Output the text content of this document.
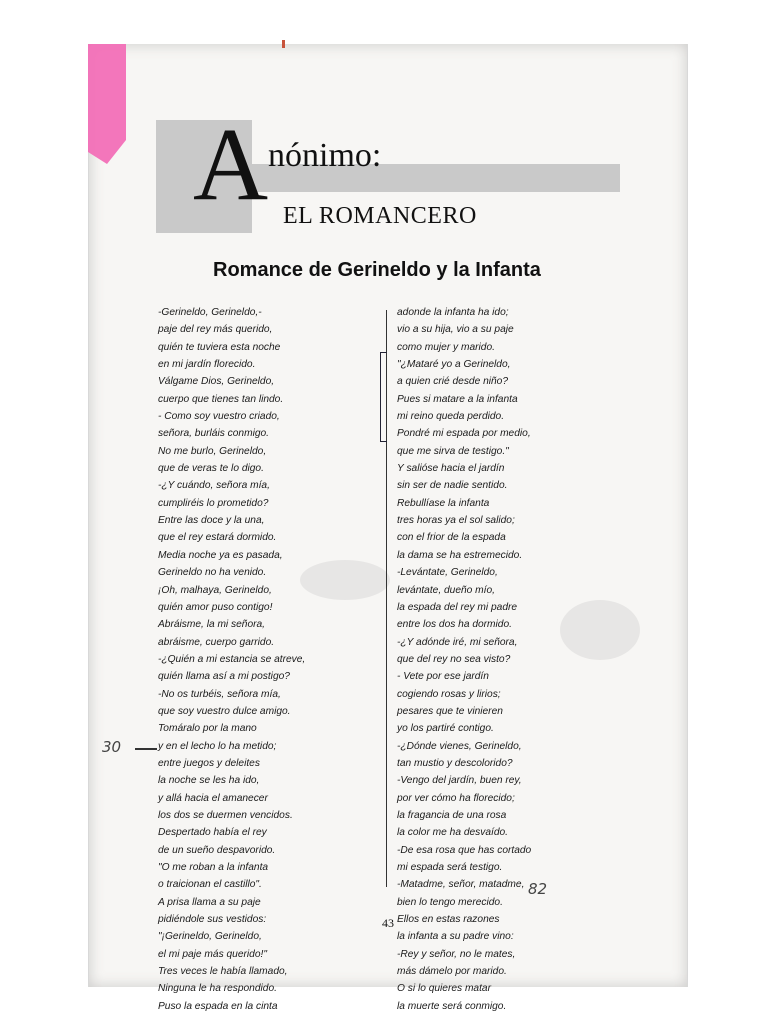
A nónimo:
EL ROMANCERO
Romance de Gerineldo y la Infanta
-Gerineldo, Gerineldo,-
paje del rey más querido,
quién te tuviera esta noche
en mi jardín florecido.
Válgame Dios, Gerineldo,
cuerpo que tienes tan lindo.
- Como soy vuestro criado,
señora, burláis conmigo.
No me burlo, Gerineldo,
que de veras te lo digo.
-¿Y cuándo, señora mía,
cumpliréis lo prometido?
Entre las doce y la una,
que el rey estará dormido.
Media noche ya es pasada,
Gerineldo no ha venido.
¡Oh, malhaya, Gerineldo,
quién amor puso contigo!
Abráisme, la mi señora,
abráisme, cuerpo garrido.
-¿Quién a mi estancia se atreve,
quién llama así a mi postigo?
-No os turbéis, señora mía,
que soy vuestro dulce amigo.
Tomáralo por la mano
y en el lecho lo ha metido;
entre juegos y deleites
la noche se les ha ido,
y allá hacia el amanecer
los dos se duermen vencidos.
Despertado había el rey
de un sueño despavorido.
"O me roban a la infanta
o traicionan el castillo".
A prisa llama a su paje
pidiéndole sus vestidos:
"¡Gerineldo, Gerineldo,
el mi paje más querido!"
Tres veces le había llamado,
Ninguna le ha respondido.
Puso la espada en la cinta
adonde la infanta ha ido;
vio a su hija, vio a su paje
como mujer y marido.
"¿Mataré yo a Gerineldo,
a quien crié desde niño?
Pues si matare a la infanta
mi reino queda perdido.
Pondré mi espada por medio,
que me sirva de testigo."
Y salióse hacia el jardín
sin ser de nadie sentido.
Rebullíase la infanta
tres horas ya el sol salido;
con el frior de la espada
la dama se ha estremecido.
-Levántate, Gerineldo,
levántate, dueño mío,
la espada del rey mi padre
entre los dos ha dormido.
-¿Y adónde iré, mi señora,
que del rey no sea visto?
- Vete por ese jardín
cogiendo rosas y lirios;
pesares que te vinieren
yo los partiré contigo.
-¿Dónde vienes, Gerineldo,
tan mustio y descolorido?
-Vengo del jardín, buen rey,
por ver cómo ha florecido;
la fragancia de una rosa
la color me ha desvaído.
-De esa rosa que has cortado
mi espada será testigo.
-Matadme, señor, matadme,
bien lo tengo merecido.
Ellos en estas razones
la infanta a su padre vino:
-Rey y señor, no le mates,
más dámelo por marido.
O si lo quieres matar
la muerte será conmigo.
30
82
43
